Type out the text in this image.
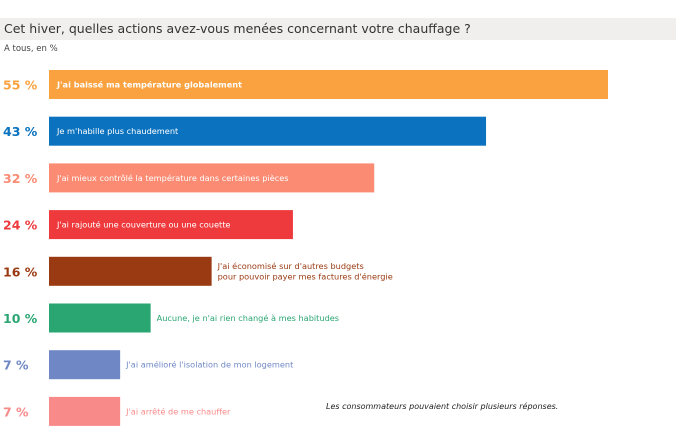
Cet hiver, quelles actions avez-vous menées concernant votre chauffage ?
A tous, en %
55 % J'ai baissé ma température globalement
43 % Je m'habille plus chaudement
32 % J'ai mieux contrôlé la température dans certaines pièces
24 % J'ai rajouté une couverture ou une couette
16 %	J'ai économisé sur d'autres budgets pour pouvoir payer mes factures d'énergie
10 %	Aucune, je n'ai rien changé à mes habitudes
7 %	J'ai amélioré l'isolation de mon logement
7 %	J'ai arrêté de me chauffer	Les consommateurs pouvaient choisir plusieurs réponses.
